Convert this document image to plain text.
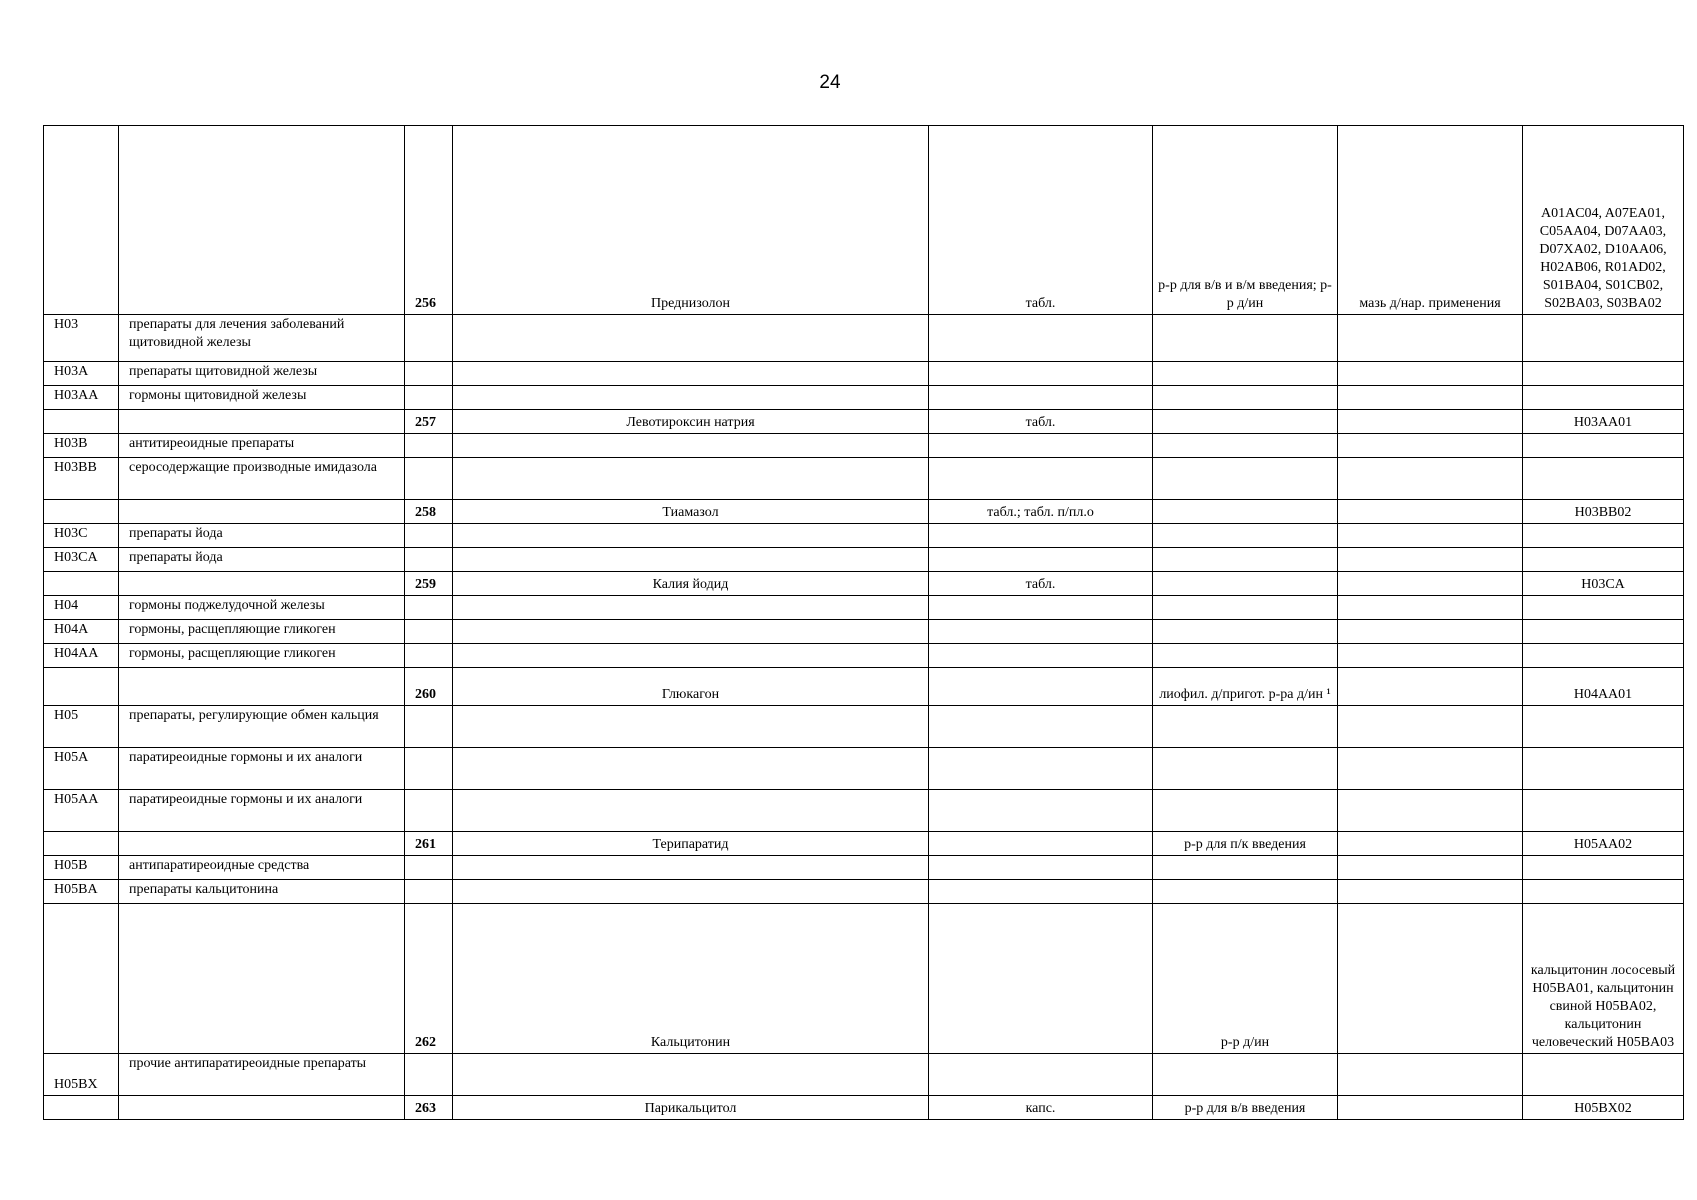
24
		256	Преднизолон	табл.	р-р для в/в и в/м введения; р-р д/ин	мазь д/нар. применения	A01AC04, A07EA01, C05AA04, D07AA03, D07XA02, D10AA06, H02AB06, R01AD02, S01BA04, S01CB02, S02BA03, S03BA02
H03	препараты для лечения заболеваний щитовидной железы						
H03A	препараты щитовидной железы						
H03AA	гормоны щитовидной железы						
		257	Левотироксин натрия	табл.			H03AA01
H03B	антитиреоидные препараты						
H03BB	серосодержащие производные имидазола						
		258	Тиамазол	табл.; табл. п/пл.о			H03BB02
H03C	препараты йода						
H03CA	препараты йода						
		259	Калия йодид	табл.			H03CA
H04	гормоны поджелудочной железы						
H04A	гормоны, расщепляющие гликоген						
H04AA	гормоны, расщепляющие гликоген						
		260	Глюкагон		лиофил. д/пригот. р-ра д/ин ¹		H04AA01
H05	препараты, регулирующие обмен кальция						
H05A	паратиреоидные гормоны и их аналоги						
H05AA	паратиреоидные гормоны и их аналоги						
		261	Терипаратид		р-р для п/к введения		H05AA02
H05B	антипаратиреоидные средства						
H05BA	препараты кальцитонина						
		262	Кальцитонин		р-р д/ин		кальцитонин лососевый H05BA01, кальцитонин свиной H05BA02, кальцитонин человеческий H05BA03
H05BX	прочие антипаратиреоидные препараты						
		263	Парикальцитол	капс.	р-р для в/в введения		H05BX02
